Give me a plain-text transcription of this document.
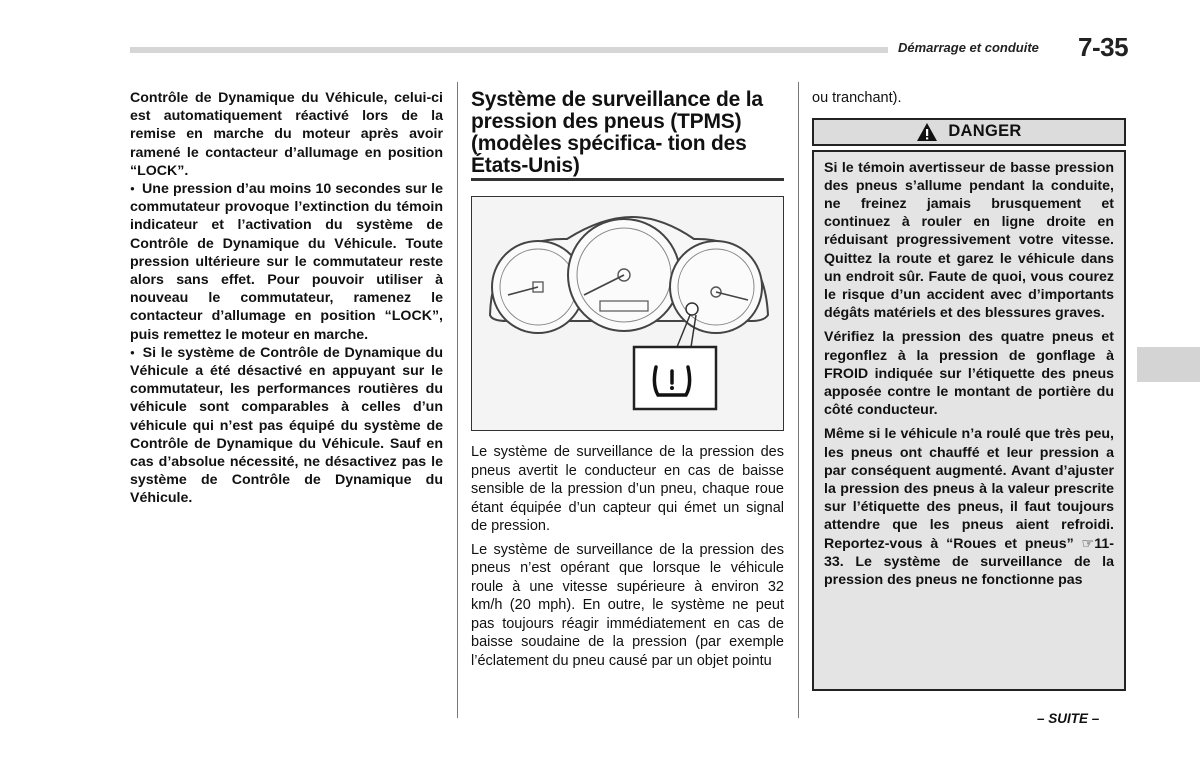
Démarrage et conduite 7-35

Contrôle de Dynamique du Véhicule, celui-ci est automatiquement réactivé lors de la remise en marche du moteur après avoir ramené le contacteur d’allumage en position “LOCK”.

● Une pression d’au moins 10 secondes sur le commutateur provoque l’extinction du témoin indicateur et l’activation du système de Contrôle de Dynamique du Véhicule. Toute pression ultérieure sur le commutateur reste alors sans effet. Pour pouvoir utiliser à nouveau le commutateur, ramenez le contacteur d’allumage en position “LOCK”, puis remettez le moteur en marche.

● Si le système de Contrôle de Dynamique du Véhicule a été désactivé en appuyant sur le commutateur, les performances routières du véhicule sont comparables à celles d’un véhicule qui n’est pas équipé du système de Contrôle de Dynamique du Véhicule. Sauf en cas d’absolue nécessité, ne désactivez pas le système de Contrôle de Dynamique du Véhicule.

Système de surveillance de la pression des pneus (TPMS) (modèles spécifica- tion des États-Unis)

Le système de surveillance de la pression des pneus avertit le conducteur en cas de baisse sensible de la pression d’un pneu, chaque roue étant équipée d’un capteur qui émet un signal de pression.

Le système de surveillance de la pression des pneus n’est opérant que lorsque le véhicule roule à une vitesse supérieure à environ 32 km/h (20 mph). En outre, le système ne peut pas toujours réagir immédiatement en cas de baisse soudaine de la pression (par exemple l’éclatement du pneu causé par un objet pointu

ou tranchant).

DANGER

Si le témoin avertisseur de basse pression des pneus s’allume pendant la conduite, ne freinez jamais brusquement et continuez à rouler en ligne droite en réduisant progressivement votre vitesse. Quittez la route et garez le véhicule dans un endroit sûr. Faute de quoi, vous courez le risque d’un accident avec d’importants dégâts matériels et des blessures graves.

Vérifiez la pression des quatre pneus et regonflez à la pression de gonflage à FROID indiquée sur l’étiquette des pneus apposée contre le montant de portière du côté conducteur.

Même si le véhicule n’a roulé que très peu, les pneus ont chauffé et leur pression a par conséquent augmenté. Avant d’ajuster la pression des pneus à la valeur prescrite sur l’étiquette des pneus, il faut toujours attendre que les pneus aient refroidi. Reportez-vous à “Roues et pneus” ☞11-33. Le système de surveillance de la pression des pneus ne fonctionne pas

– SUITE –
